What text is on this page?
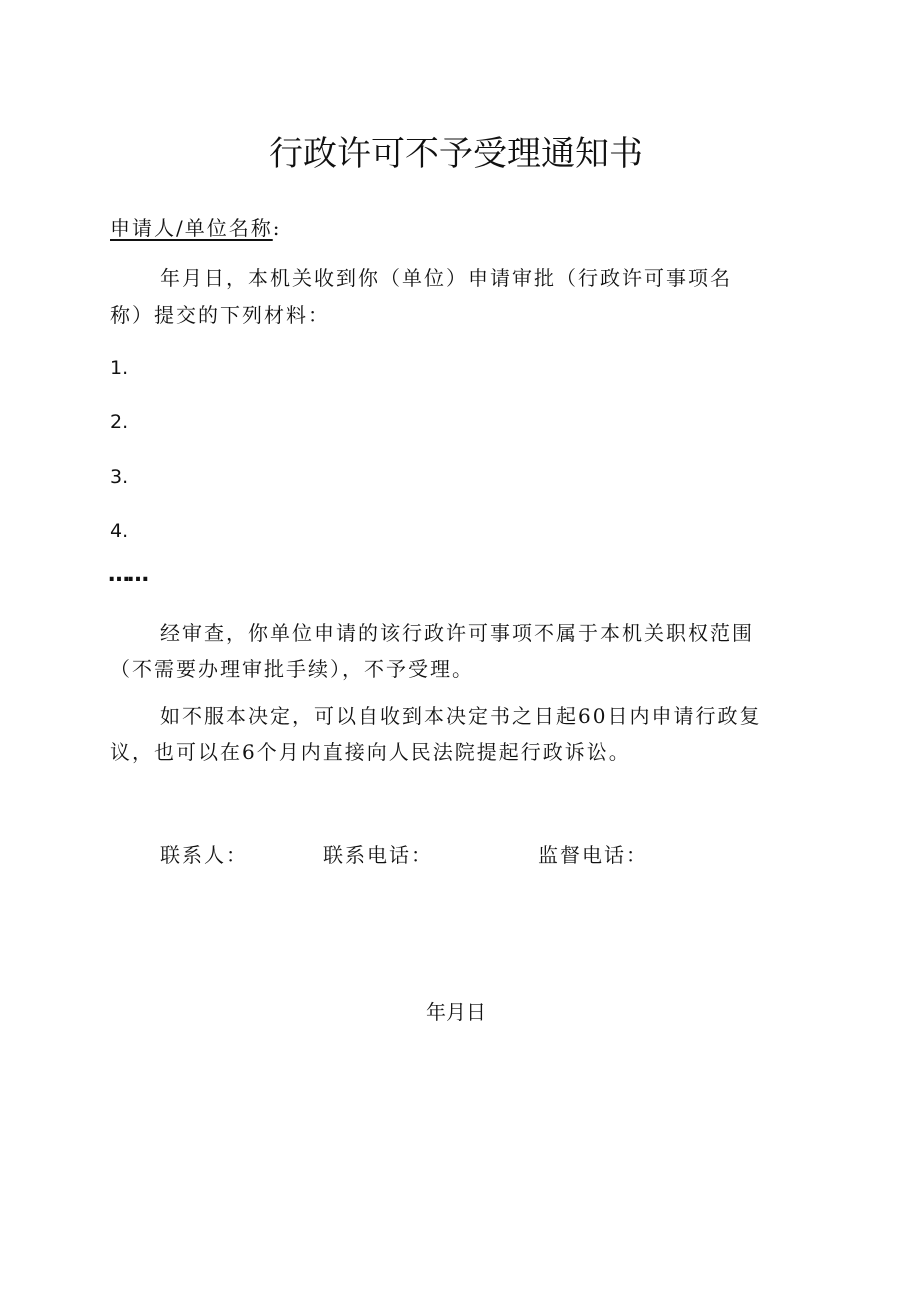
行政许可不予受理通知书
申请人/单位名称:
年月日，本机关收到你（单位）申请审批（行政许可事项名
称）提交的下列材料：
1.
2.
3.
4.
……
经审查，你单位申请的该行政许可事项不属于本机关职权范围
（不需要办理审批手续），不予受理。
如不服本决定，可以自收到本决定书之日起60日内申请行政复
议，也可以在6个月内直接向人民法院提起行政诉讼。
联系人：	联系电话：	监督电话：
年月日
